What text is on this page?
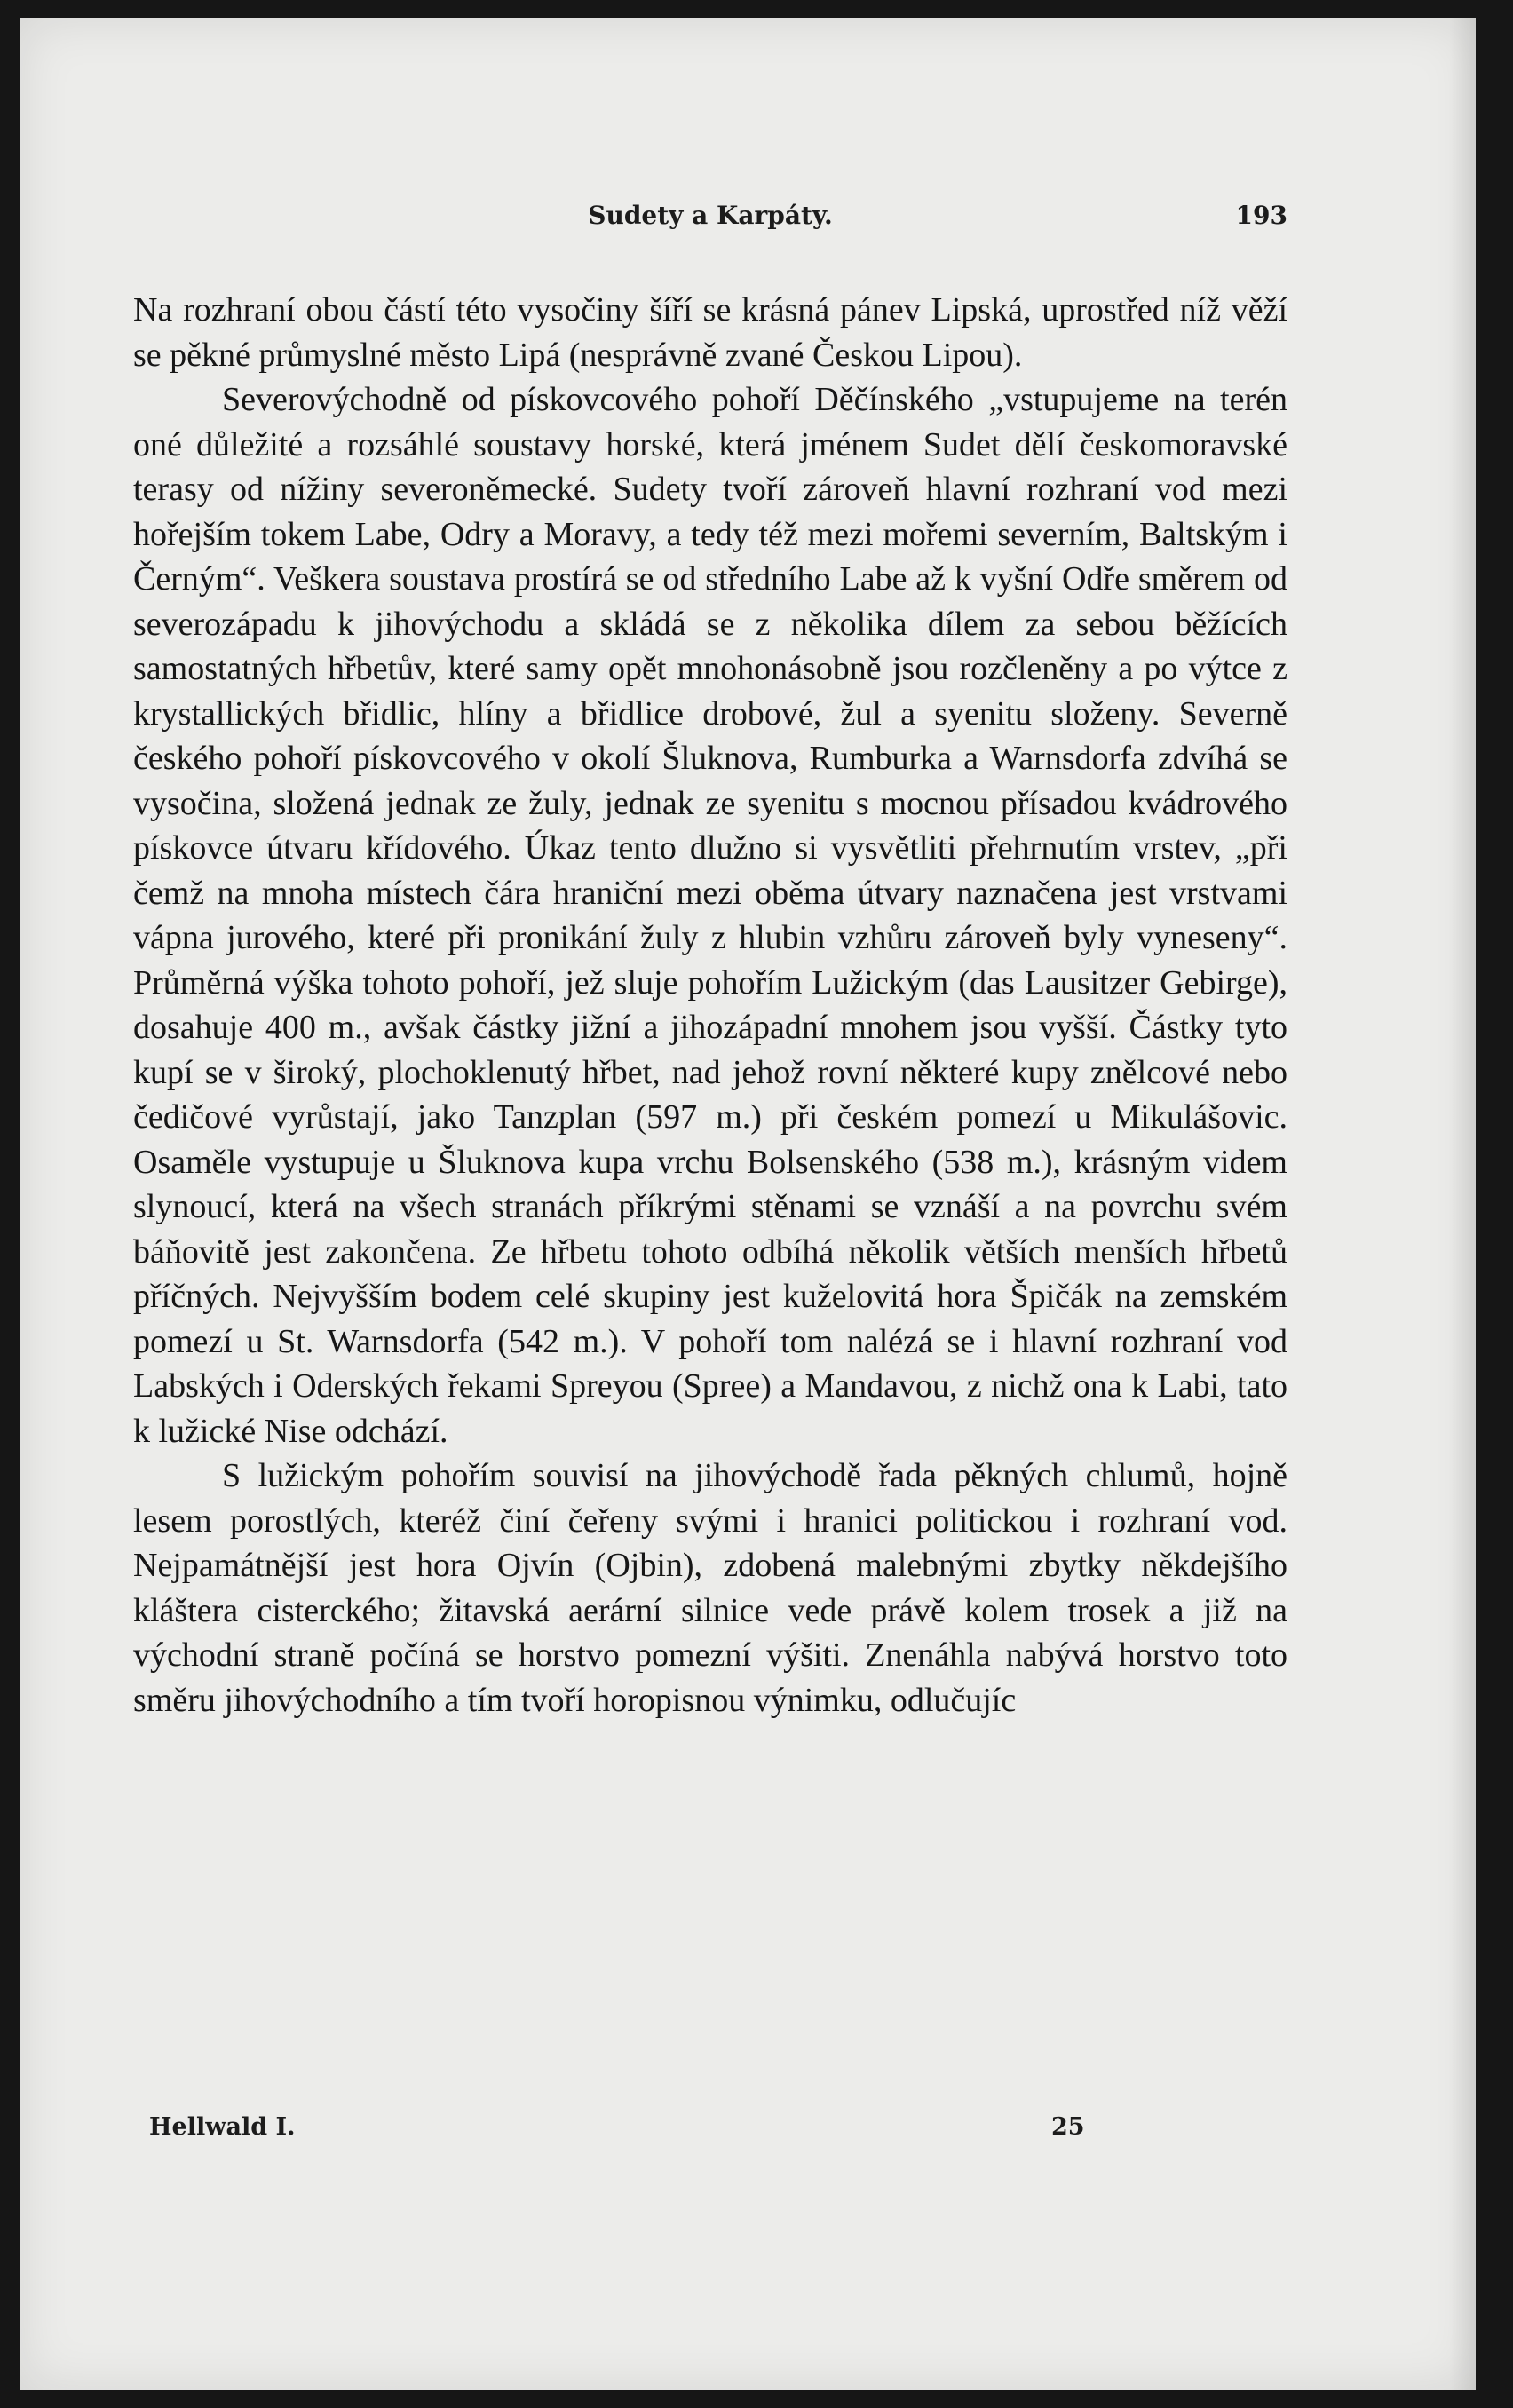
Sudety a Karpáty.	193

Na rozhraní obou částí této vysočiny šíří se krásná pánev Lipská, uprostřed níž věží se pěkné průmyslné město Lipá (nesprávně zvané Českou Lipou).

Severovýchodně od pískovcového pohoří Děčínského „vstupujeme na terén oné důležité a rozsáhlé soustavy horské, která jménem Sudet dělí českomoravské terasy od nížiny severoněmecké. Sudety tvoří zároveň hlavní rozhraní vod mezi hořejším tokem Labe, Odry a Moravy, a tedy též mezi mořemi severním, Baltským i Černým“. Veškera soustava prostírá se od středního Labe až k vyšní Odře směrem od severozápadu k jihovýchodu a skládá se z několika dílem za sebou běžících samostatných hřbetův, které samy opět mnohonásobně jsou rozčleněny a po výtce z krystallických břidlic, hlíny a břidlice drobové, žul a syenitu složeny. Severně českého pohoří pískovcového v okolí Šluknova, Rumburka a Warnsdorfa zdvíhá se vysočina, složená jednak ze žuly, jednak ze syenitu s mocnou přísadou kvádrového pískovce útvaru křídového. Úkaz tento dlužno si vysvětliti přehrnutím vrstev, „při čemž na mnoha místech čára hraniční mezi oběma útvary naznačena jest vrstvami vápna jurového, které při pronikání žuly z hlubin vzhůru zároveň byly vyneseny“. Průměrná výška tohoto pohoří, jež sluje pohořím Lužickým (das Lausitzer Gebirge), dosahuje 400 m., avšak částky jižní a jihozápadní mnohem jsou vyšší. Částky tyto kupí se v široký, plochoklenutý hřbet, nad jehož rovní některé kupy znělcové nebo čedičové vyrůstají, jako Tanzplan (597 m.) při českém pomezí u Mikulášovic. Osaměle vystupuje u Šluknova kupa vrchu Bolsenského (538 m.), krásným videm slynoucí, která na všech stranách příkrými stěnami se vznáší a na povrchu svém báňovitě jest zakončena. Ze hřbetu tohoto odbíhá několik větších menších hřbetů příčných. Nejvyšším bodem celé skupiny jest kuželovitá hora Špičák na zemském pomezí u St. Warnsdorfa (542 m.). V pohoří tom nalézá se i hlavní rozhraní vod Labských i Oderských řekami Spreyou (Spree) a Mandavou, z nichž ona k Labi, tato k lužické Nise odchází.

S lužickým pohořím souvisí na jihovýchodě řada pěkných chlumů, hojně lesem porostlých, kteréž činí čeřeny svými i hranici politickou i rozhraní vod. Nejpamátnější jest hora Ojvín (Ojbin), zdobená malebnými zbytky někdejšího kláštera cisterckého; žitavská aerární silnice vede právě kolem trosek a již na východní straně počíná se horstvo pomezní výšiti. Znenáhla nabývá horstvo toto směru jihovýchodního a tím tvoří horopisnou výnimku, odlučujíc

Hellwald I.	25
